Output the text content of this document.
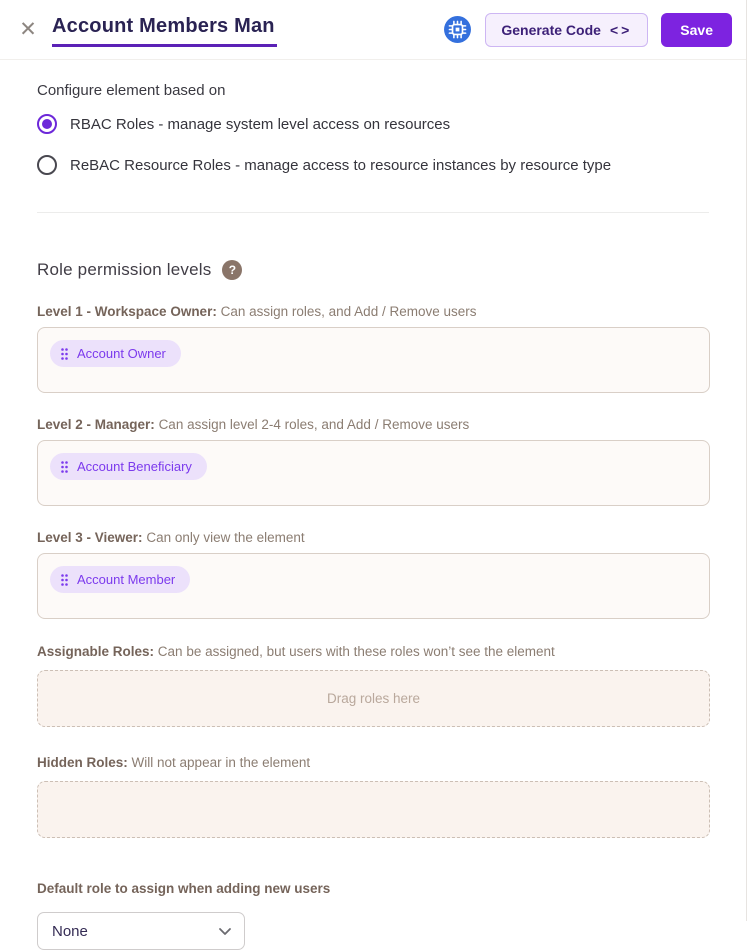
✕ Account Members Man	Generate Code <>	Save
Configure element based on
RBAC Roles - manage system level access on resources
ReBAC Resource Roles - manage access to resource instances by resource type
Role permission levels	?
Level 1 - Workspace Owner: Can assign roles, and Add / Remove users
Account Owner
Level 2 - Manager: Can assign level 2-4 roles, and Add / Remove users
Account Beneficiary
Level 3 - Viewer: Can only view the element
Account Member
Assignable Roles: Can be assigned, but users with these roles won’t see the element
Drag roles here
Hidden Roles: Will not appear in the element
Default role to assign when adding new users
None
